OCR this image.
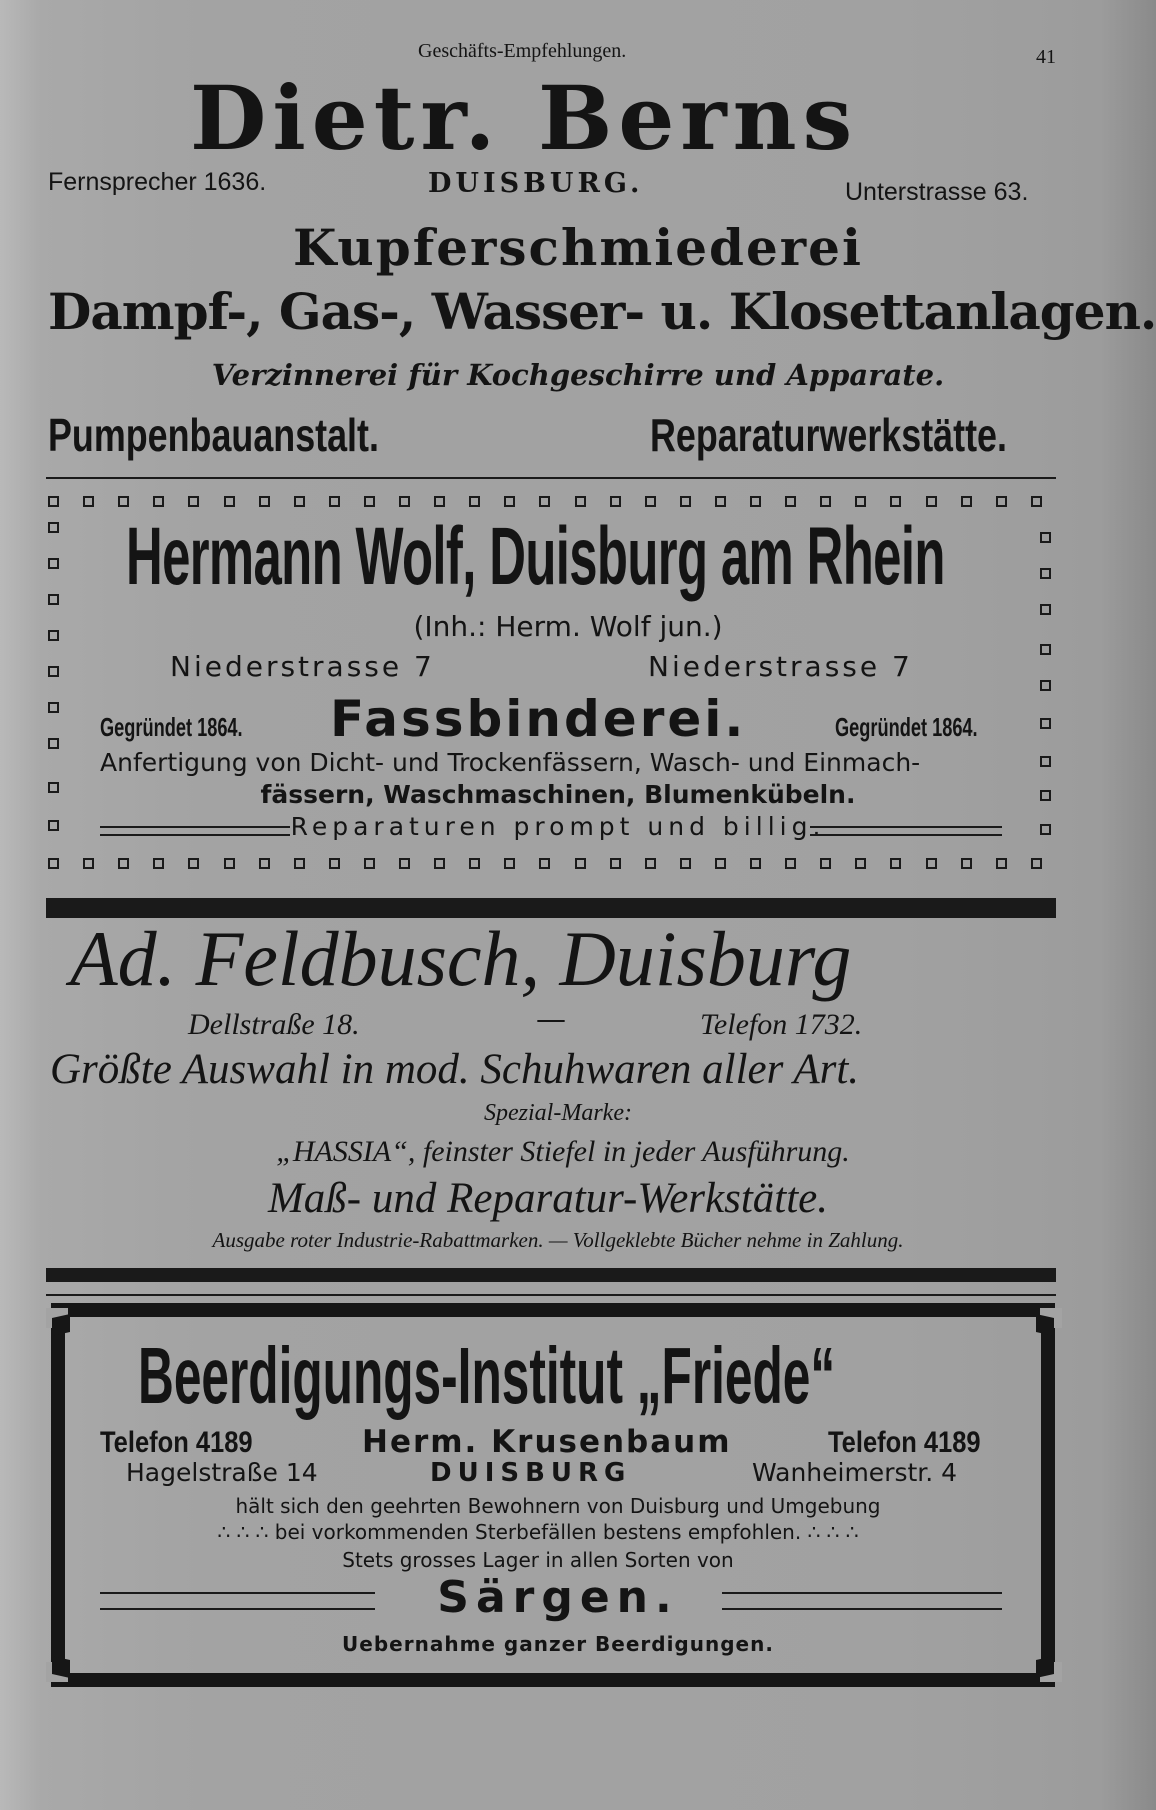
Geschäfts-Empfehlungen.	41
Dietr. Berns
Fernsprecher 1636.	DUISBURG.	Unterstrasse 63.
Kupferschmiederei
Dampf-, Gas-, Wasser- u. Klosettanlagen.
Verzinnerei für Kochgeschirre und Apparate.
Pumpenbauanstalt.	Reparaturwerkstätte.
Hermann Wolf, Duisburg am Rhein
(Inh.: Herm. Wolf jun.)
Niederstrasse 7	Niederstrasse 7
Gegründet 1864.	Fassbinderei.	Gegründet 1864.
Anfertigung von Dicht- und Trockenfässern, Wasch- und Einmach-
fässern, Waschmaschinen, Blumenkübeln.
Reparaturen prompt und billig.
Ad. Feldbusch, Duisburg
Dellstraße 18.	—	Telefon 1732.
Größte Auswahl in mod. Schuhwaren aller Art.
Spezial-Marke:
„HASSIA“, feinster Stiefel in jeder Ausführung.
Maß- und Reparatur-Werkstätte.
Ausgabe roter Industrie-Rabattmarken. — Vollgeklebte Bücher nehme in Zahlung.
Beerdigungs-Institut „Friede“
Telefon 4189	Herm. Krusenbaum	Telefon 4189
Hagelstraße 14	DUISBURG	Wanheimerstr. 4
hält sich den geehrten Bewohnern von Duisburg und Umgebung
∴ ∴ ∴ bei vorkommenden Sterbefällen bestens empfohlen. ∴ ∴ ∴
Stets grosses Lager in allen Sorten von
Särgen.
Uebernahme ganzer Beerdigungen.
